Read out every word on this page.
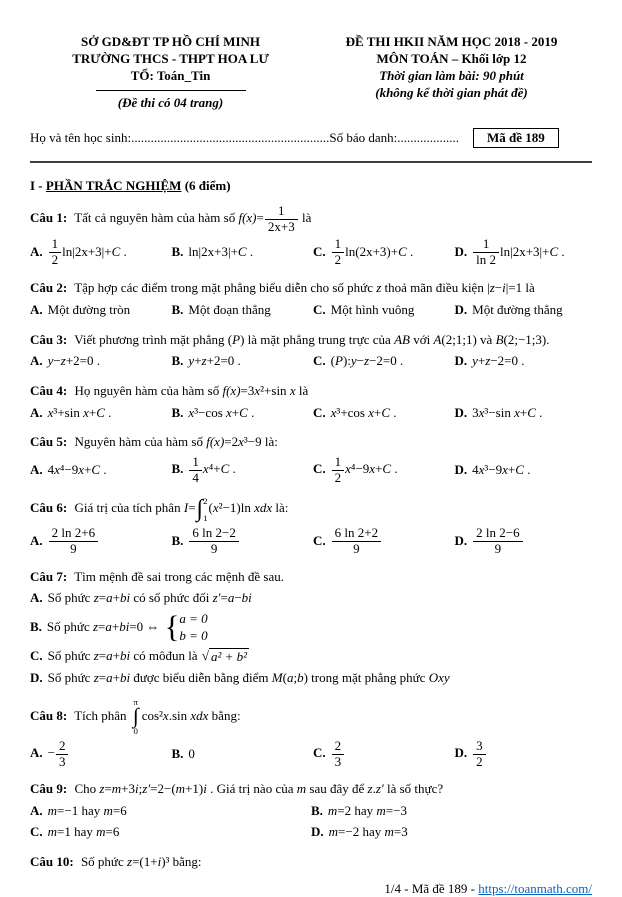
SỞ GD&ĐT TP HỒ CHÍ MINH
TRƯỜNG THCS - THPT HOA LƯ
TỔ: Toán_Tin
(Đề thi có 04 trang)
ĐỀ THI HKII NĂM HỌC 2018 - 2019
MÔN TOÁN – Khối lớp 12
Thời gian làm bài: 90 phút
(không kể thời gian phát đề)
Họ và tên học sinh: ............................................................. Số báo danh: ...................	Mã đề 189
I - PHẦN TRẮC NGHIỆM (6 điểm)

Câu 1: Tất cả nguyên hàm của hàm số $f(x)= \frac{1}{2x+3}$ là

A. $\frac{1}{2} \ln|2x+3|+C$ .	B. ln|2x+3|+C .	C. $\frac{1}{2} \ln(2x+3)+C$ .	D. $\frac{1}{\ln 2} \ln|2x+3|+C$ .

Câu 2: Tập hợp các điểm trong mặt phẳng biểu diễn cho số phức z thoả mãn điều kiện |z−i|=1 là

A. Một đường tròn	B. Một đoạn thẳng	C. Một hình vuông	D. Một đường thẳng

Câu 3: Viết phương trình mặt phẳng (P) là mặt phẳng trung trực của AB với A(2;1;1) và B(2;−1;3).

A. y−z+2=0 .	B. y+z+2=0 .	C. (P):y−z−2=0 .	D. y+z−2=0 .

Câu 4: Họ nguyên hàm của hàm số f(x)=3x²+sin x là

A. x³+sin x+C .	B. x³−cos x+C .	C. x³+cos x+C .	D. 3x³−sin x+C .

Câu 5: Nguyên hàm của hàm số f(x)=2x³−9 là:

A. 4x⁴−9x+C .	B. $\frac{1}{4} x^4+C$ .	C. $\frac{1}{2} x^4-9x+C$ .	D. 4x³−9x+C .

Câu 6: Giá trị của tích phân I= ∫ 2
1
(x²−1)ln xdx là:

A. $\frac{2 \ln 2+6}{9}$	B. $\frac{6 \ln 2-2}{9}$	C. $\frac{6 \ln 2+2}{9}$	D. $\frac{2 \ln 2-6}{9}$

Câu 7: Tìm mệnh đề sai trong các mệnh đề sau.

A. Số phức z=a+bi có số phức đối z′=a−bi
B. Số phức z=a+bi=0 ⇔ { a = 0
b = 0
C. Số phức z=a+bi có môđun là √ a² + b²
D. Số phức z=a+bi được biểu diễn bằng điểm M(a;b) trong mặt phẳng phức Oxy

Câu 8: Tích phân
π
∫
0
cos²x.sin xdx bằng:

A. − $\frac{2}{3}$	B. 0	C. $\frac{2}{3}$	D. $\frac{3}{2}$

Câu 9: Cho z=m+3i;z′=2−(m+1)i . Giá trị nào của m sau đây để z.z′ là số thực?

A. m=−1 hay m=6	B. m=2 hay m=−3
C. m=1 hay m=6	D. m=−2 hay m=3

Câu 10: Số phức z=(1+i)³ bằng:

1/4 - Mã đề 189 - https://toanmath.com/
